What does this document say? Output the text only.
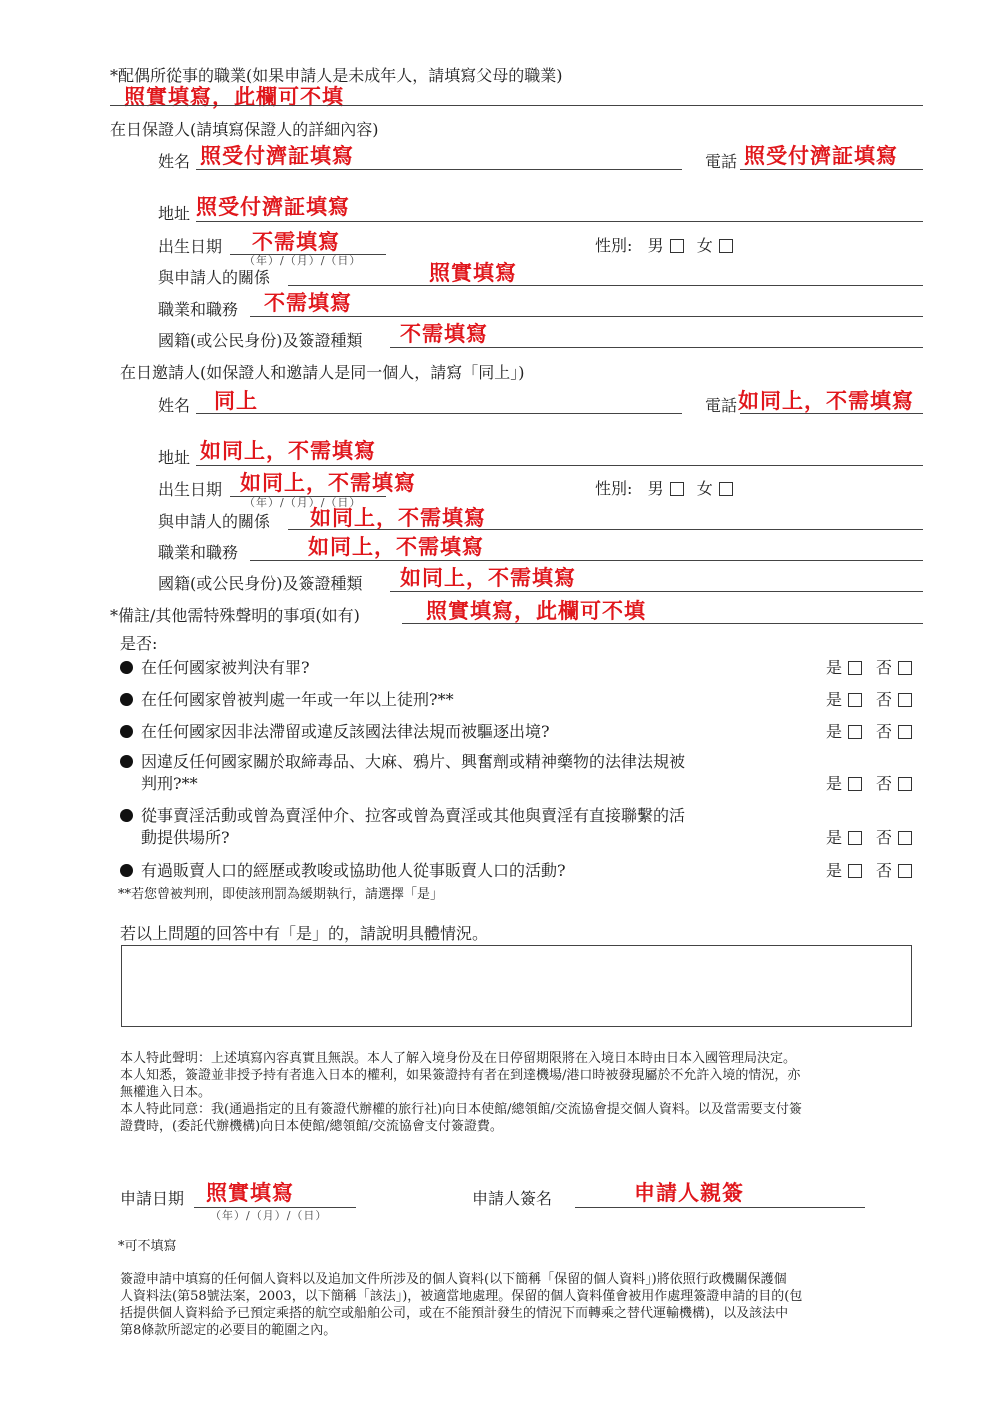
*配偶所從事的職業(如果申請人是未成年人，請填寫父母的職業)
照實填寫，此欄可不填
在日保證人(請填寫保證人的詳細內容)
姓名 照受付濟証填寫	電話 照受付濟証填寫
地址 照受付濟証填寫
出生日期 不需填寫
（年）/（月）/（日）
性別: 男 女
與申請人的關係	照實填寫
職業和職務 不需填寫
國籍(或公民身份)及簽證種類 不需填寫
在日邀請人(如保證人和邀請人是同一個人，請寫「同上」)
姓名 同上	電話 如同上，不需填寫
地址 如同上，不需填寫
出生日期 如同上，不需填寫
（年）/（月）/（日）
性別: 男 女
與申請人的關係 如同上，不需填寫
職業和職務	如同上，不需填寫
國籍(或公民身份)及簽證種類 如同上，不需填寫
*備註/其他需特殊聲明的事項(如有)	照實填寫，此欄可不填
是否:
在任何國家被判決有罪?	是 否
在任何國家曾被判處一年或一年以上徒刑?**	是 否
在任何國家因非法滯留或違反該國法律法規而被驅逐出境?	是 否
因違反任何國家關於取締毒品、大麻、鴉片、興奮劑或精神藥物的法律法規被
判刑?**	是 否
從事賣淫活動或曾為賣淫仲介、拉客或曾為賣淫或其他與賣淫有直接聯繫的活
動提供場所?	是 否
有過販賣人口的經歷或教唆或協助他人從事販賣人口的活動?	是 否
**若您曾被判刑，即使該刑罰為緩期執行，請選擇「是」
若以上問題的回答中有「是」的，請說明具體情況。
本人特此聲明：上述填寫內容真實且無誤。本人了解入境身份及在日停留期限將在入境日本時由日本入國管理局決定。
本人知悉，簽證並非授予持有者進入日本的權利，如果簽證持有者在到達機場/港口時被發現屬於不允許入境的情況，亦
無權進入日本。
本人特此同意：我(通過指定的且有簽證代辦權的旅行社)向日本使館/總領館/交流協會提交個人資料。以及當需要支付簽
證費時，(委託代辦機構)向日本使館/總領館/交流協會支付簽證費。
申請日期 照實填寫
（年）/（月）/（日）
申請人簽名	申請人親簽
*可不填寫
簽證申請中填寫的任何個人資料以及追加文件所涉及的個人資料(以下簡稱「保留的個人資料」)將依照行政機關保護個
人資料法(第58號法案，2003，以下簡稱「該法」)，被適當地處理。保留的個人資料僅會被用作處理簽證申請的目的(包
括提供個人資料給予已預定乘搭的航空或船舶公司，或在不能預計發生的情況下而轉乘之替代運輸機構)，以及該法中
第8條款所認定的必要目的範圍之內。
